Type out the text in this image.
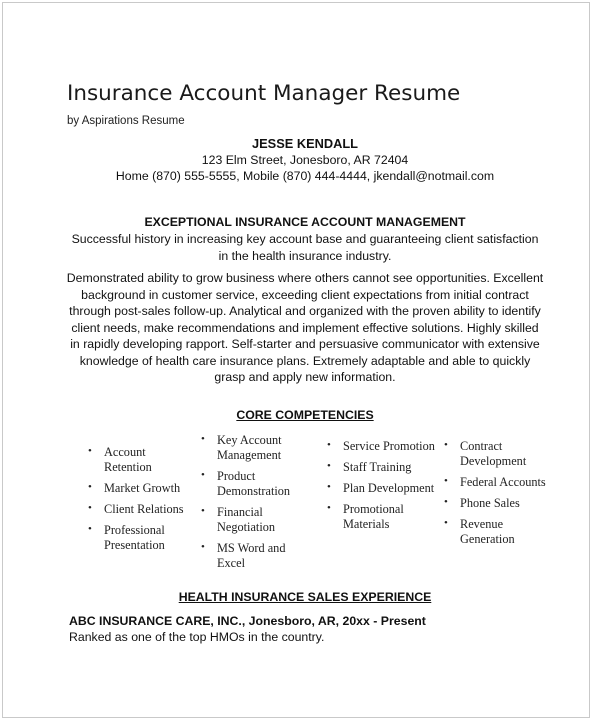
Insurance Account Manager Resume
by Aspirations Resume
JESSE KENDALL
123 Elm Street, Jonesboro, AR 72404
Home (870) 555-5555, Mobile (870) 444-4444, jkendall@notmail.com
EXCEPTIONAL INSURANCE ACCOUNT MANAGEMENT
Successful history in increasing key account base and guaranteeing client satisfaction in the health insurance industry.
Demonstrated ability to grow business where others cannot see opportunities. Excellent background in customer service, exceeding client expectations from initial contract through post-sales follow-up. Analytical and organized with the proven ability to identify client needs, make recommendations and implement effective solutions. Highly skilled in rapidly developing rapport. Self-starter and persuasive communicator with extensive knowledge of health care insurance plans. Extremely adaptable and able to quickly grasp and apply new information.
CORE COMPETENCIES
• Account Retention
• Market Growth
• Client Relations
• Professional Presentation
• Key Account Management
• Product Demonstration
• Financial Negotiation
• MS Word and Excel
• Service Promotion
• Staff Training
• Plan Development
• Promotional Materials
• Contract Development
• Federal Accounts
• Phone Sales
• Revenue Generation
HEALTH INSURANCE SALES EXPERIENCE
ABC INSURANCE CARE, INC., Jonesboro, AR, 20xx - Present
Ranked as one of the top HMOs in the country.
